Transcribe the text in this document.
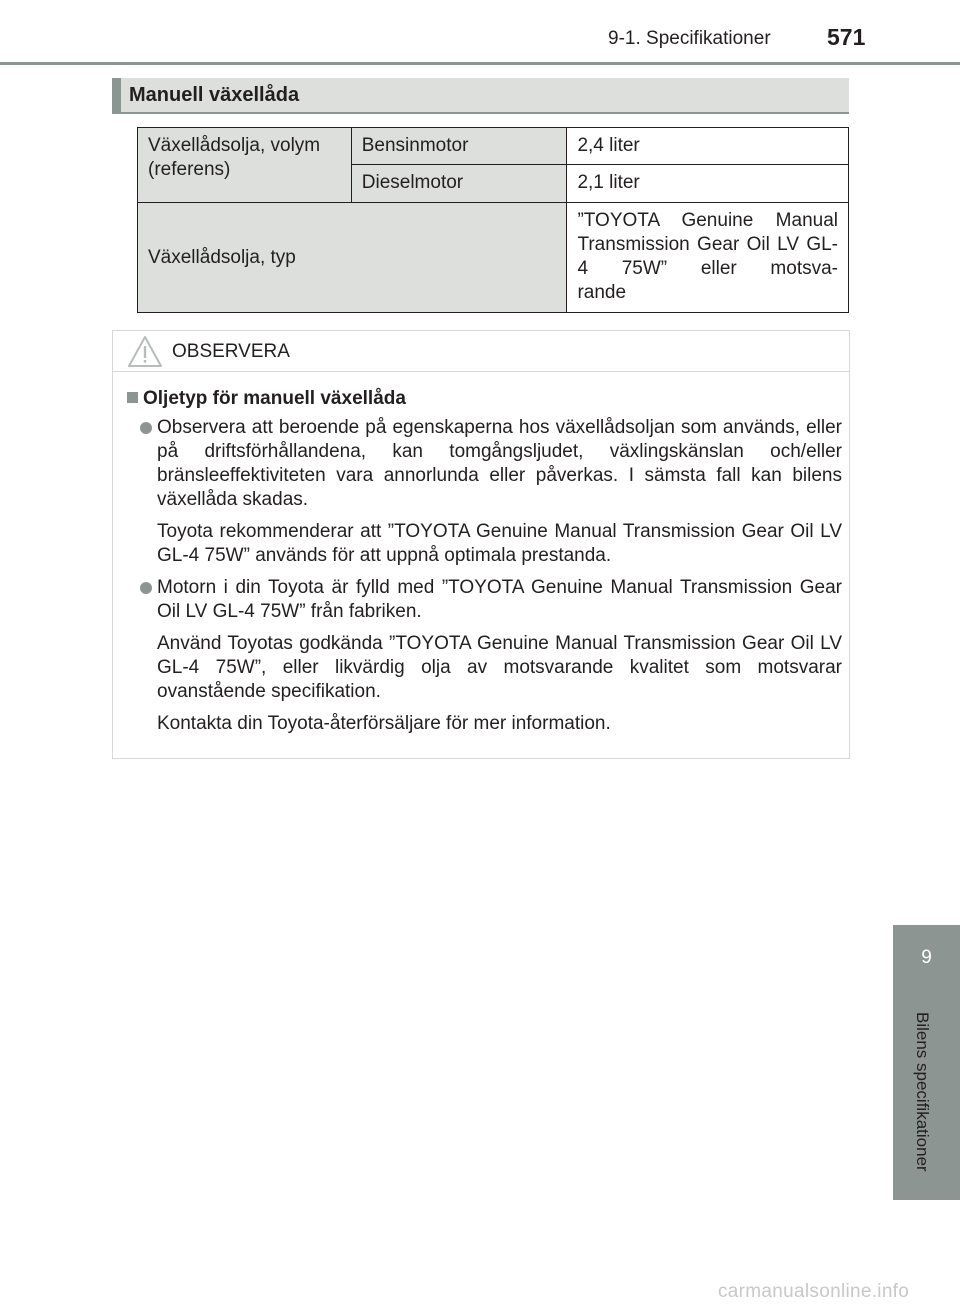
9-1. Specifikationer 571
Manuell växellåda
Växellådsolja, volym (referens)	Bensinmotor	2,4 liter
	Dieselmotor	2,1 liter
Växellådsolja, typ		”TOYOTA Genuine Manual Transmission Gear Oil LV GL-4 75W” eller motsva-
rande
OBSERVERA
Oljetyp för manuell växellåda
Observera att beroende på egenskaperna hos växellådsoljan som används, eller på driftsförhållandena, kan tomgångsljudet, växlingskänslan och/eller bränsleeffektiviteten vara annorlunda eller påverkas. I sämsta fall kan bilens växellåda skadas.
Toyota rekommenderar att ”TOYOTA Genuine Manual Transmission Gear Oil LV GL-4 75W” används för att uppnå optimala prestanda.
Motorn i din Toyota är fylld med ”TOYOTA Genuine Manual Transmission Gear Oil LV GL-4 75W” från fabriken.
Använd Toyotas godkända ”TOYOTA Genuine Manual Transmission Gear Oil LV GL-4 75W”, eller likvärdig olja av motsvarande kvalitet som motsvarar ovanstående specifikation.
Kontakta din Toyota-återförsäljare för mer information.
9
Bilens specifikationer
carmanualsonline.info
